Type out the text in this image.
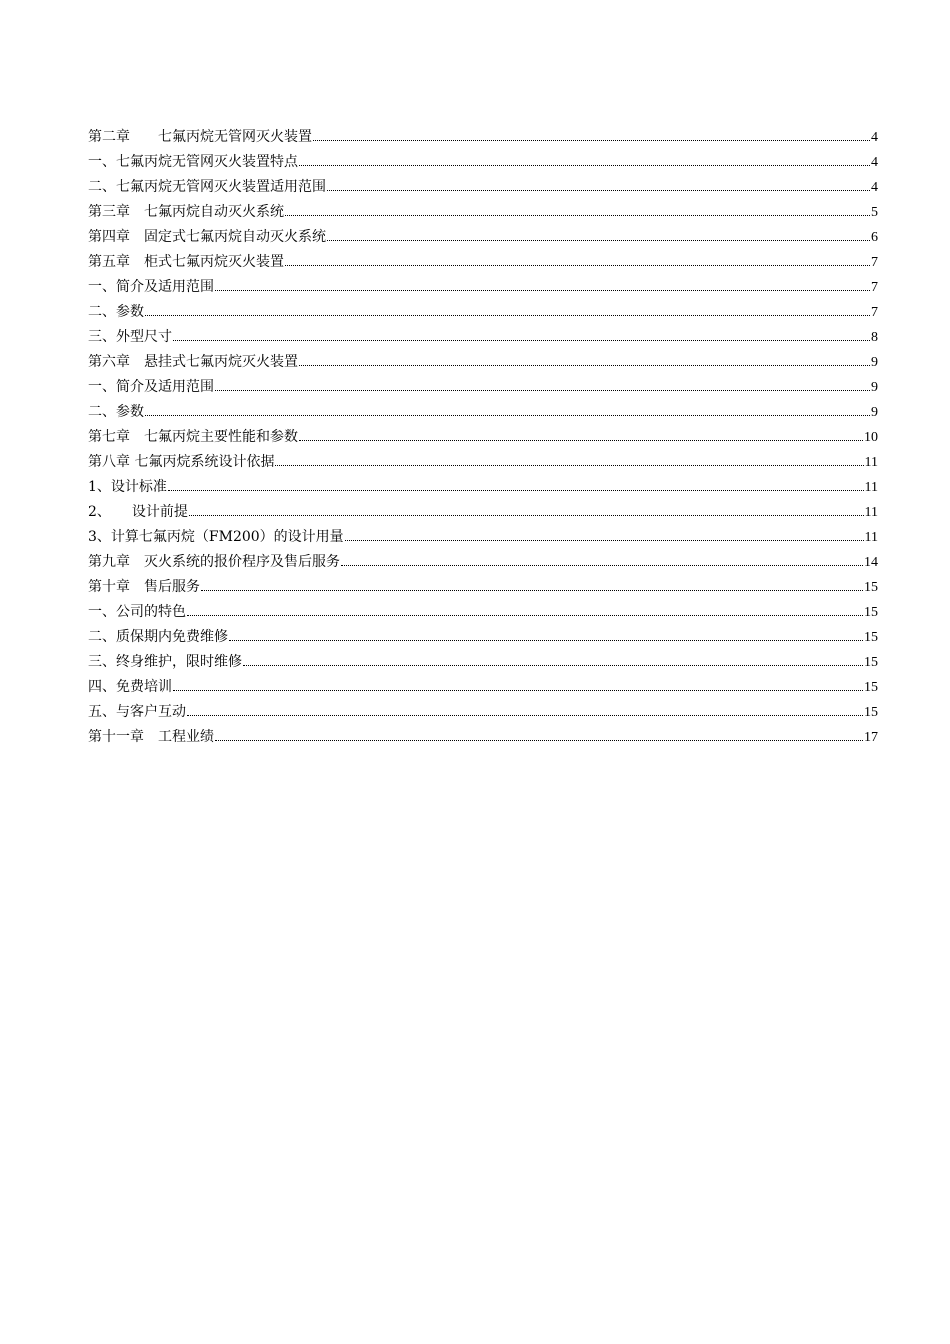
第二章　　七氟丙烷无管网灭火装置	4
一、七氟丙烷无管网灭火装置特点	4
二、七氟丙烷无管网灭火装置适用范围	4
第三章　七氟丙烷自动灭火系统	5
第四章　固定式七氟丙烷自动灭火系统	6
第五章　柜式七氟丙烷灭火装置	7
一、简介及适用范围	7
二、参数	7
三、外型尺寸	8
第六章　悬挂式七氟丙烷灭火装置	9
一、简介及适用范围	9
二、参数	9
第七章　七氟丙烷主要性能和参数	10
第八章 七氟丙烷系统设计依据	11
1、设计标准	11
2、　　设计前提	11
3、计算七氟丙烷（FM200）的设计用量	11
第九章　灭火系统的报价程序及售后服务	14
第十章　售后服务	15
一、公司的特色	15
二、质保期内免费维修	15
三、终身维护，限时维修	15
四、免费培训	15
五、与客户互动	15
第十一章　工程业绩	17
